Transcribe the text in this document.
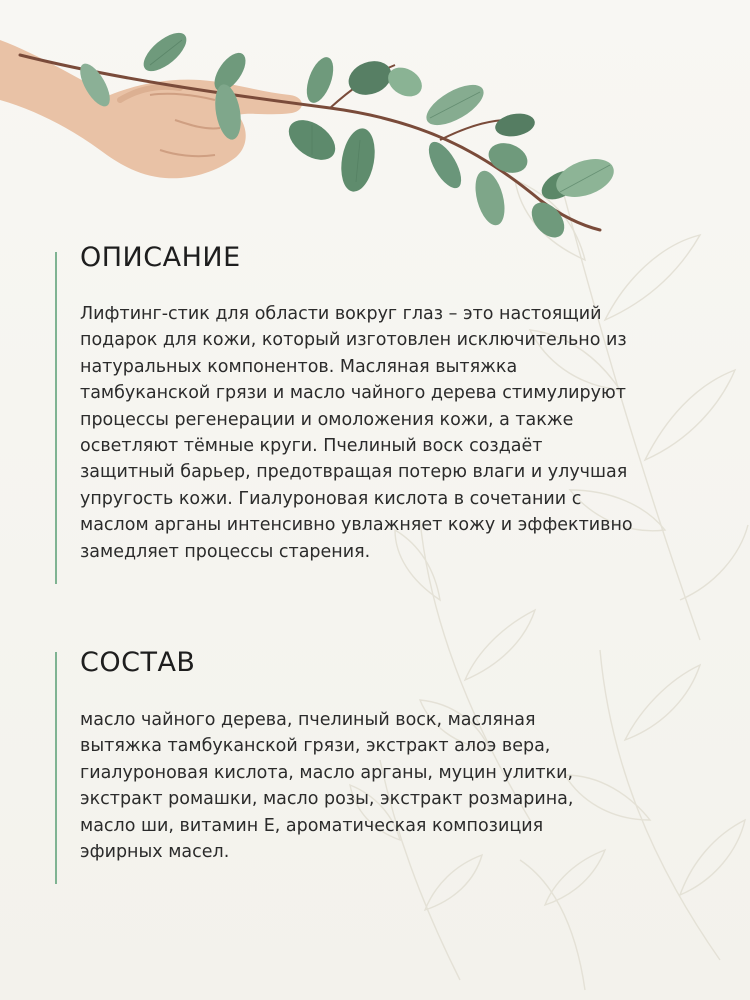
ОПИСАНИЕ

Лифтинг-стик для области вокруг глаз – это настоящий
подарок для кожи, который изготовлен исключительно из
натуральных компонентов. Масляная вытяжка
тамбуканской грязи и масло чайного дерева стимулируют
процессы регенерации и омоложения кожи, а также
осветляют тёмные круги. Пчелиный воск создаёт
защитный барьер, предотвращая потерю влаги и улучшая
упругость кожи. Гиалуроновая кислота в сочетании с
маслом арганы интенсивно увлажняет кожу и эффективно
замедляет процессы старения.

СОСТАВ

масло чайного дерева, пчелиный воск, масляная
вытяжка тамбуканской грязи, экстракт алоэ вера,
гиалуроновая кислота, масло арганы, муцин улитки,
экстракт ромашки, масло розы, экстракт розмарина,
масло ши, витамин Е, ароматическая композиция
эфирных масел.
